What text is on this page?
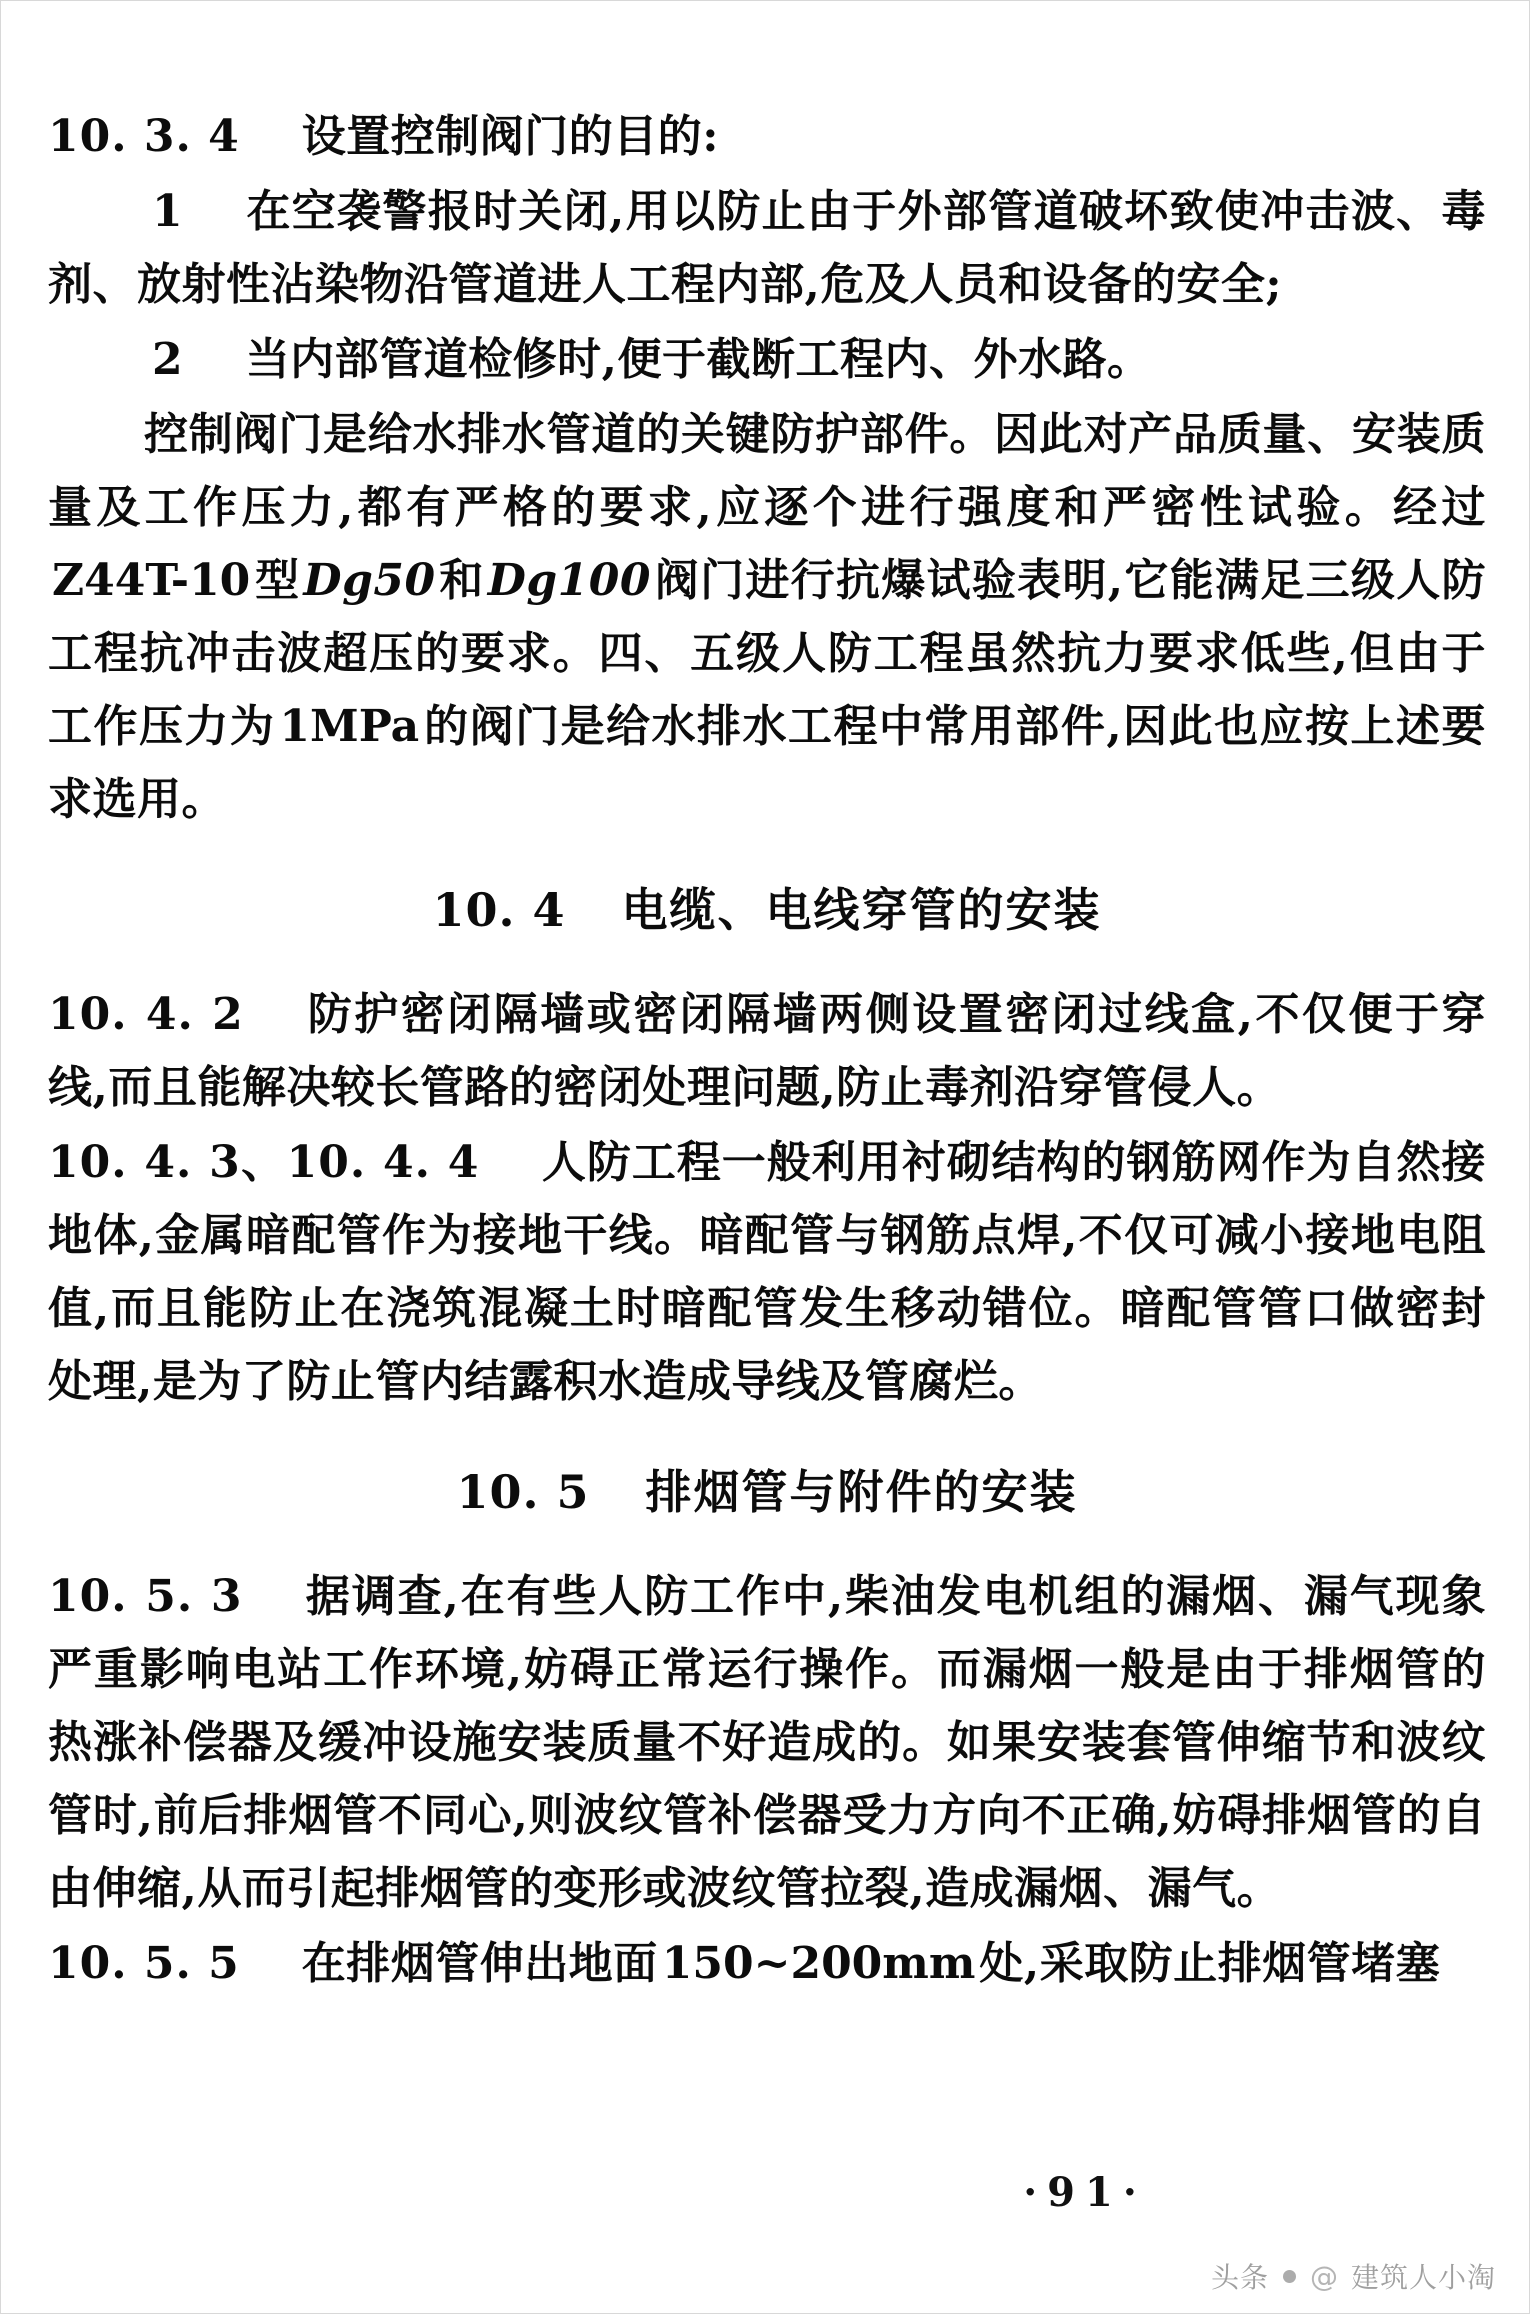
10. 3. 4 设置控制阀门的目的:

1 在空袭警报时关闭,用以防止由于外部管道破坏致使冲击波、毒剂、放射性沾染物沿管道进人工程内部,危及人员和设备的安全;

2 当内部管道检修时,便于截断工程内、外水路。

控制阀门是给水排水管道的关键防护部件。因此对产品质量、安装质量及工作压力,都有严格的要求,应逐个进行强度和严密性试验。经过Z44T-10型Dg50和Dg100阀门进行抗爆试验表明,它能满足三级人防工程抗冲击波超压的要求。四、五级人防工程虽然抗力要求低些,但由于工作压力为1MPa的阀门是给水排水工程中常用部件,因此也应按上述要求选用。

10. 4 电缆、电线穿管的安装

10. 4. 2 防护密闭隔墙或密闭隔墙两侧设置密闭过线盒,不仅便于穿线,而且能解决较长管路的密闭处理问题,防止毒剂沿穿管侵人。

10. 4. 3、10. 4. 4 人防工程一般利用衬砌结构的钢筋网作为自然接地体,金属暗配管作为接地干线。暗配管与钢筋点焊,不仅可减小接地电阻值,而且能防止在浇筑混凝土时暗配管发生移动错位。暗配管管口做密封处理,是为了防止管内结露积水造成导线及管腐烂。

10. 5 排烟管与附件的安装

10. 5. 3 据调查,在有些人防工作中,柴油发电机组的漏烟、漏气现象严重影响电站工作环境,妨碍正常运行操作。而漏烟一般是由于排烟管的热涨补偿器及缓冲设施安装质量不好造成的。如果安装套管伸缩节和波纹管时,前后排烟管不同心,则波纹管补偿器受力方向不正确,妨碍排烟管的自由伸缩,从而引起排烟管的变形或波纹管拉裂,造成漏烟、漏气。

10. 5. 5 在排烟管伸出地面150~200mm处,采取防止排烟管堵塞

·91·
头条 @ 建筑人小淘
